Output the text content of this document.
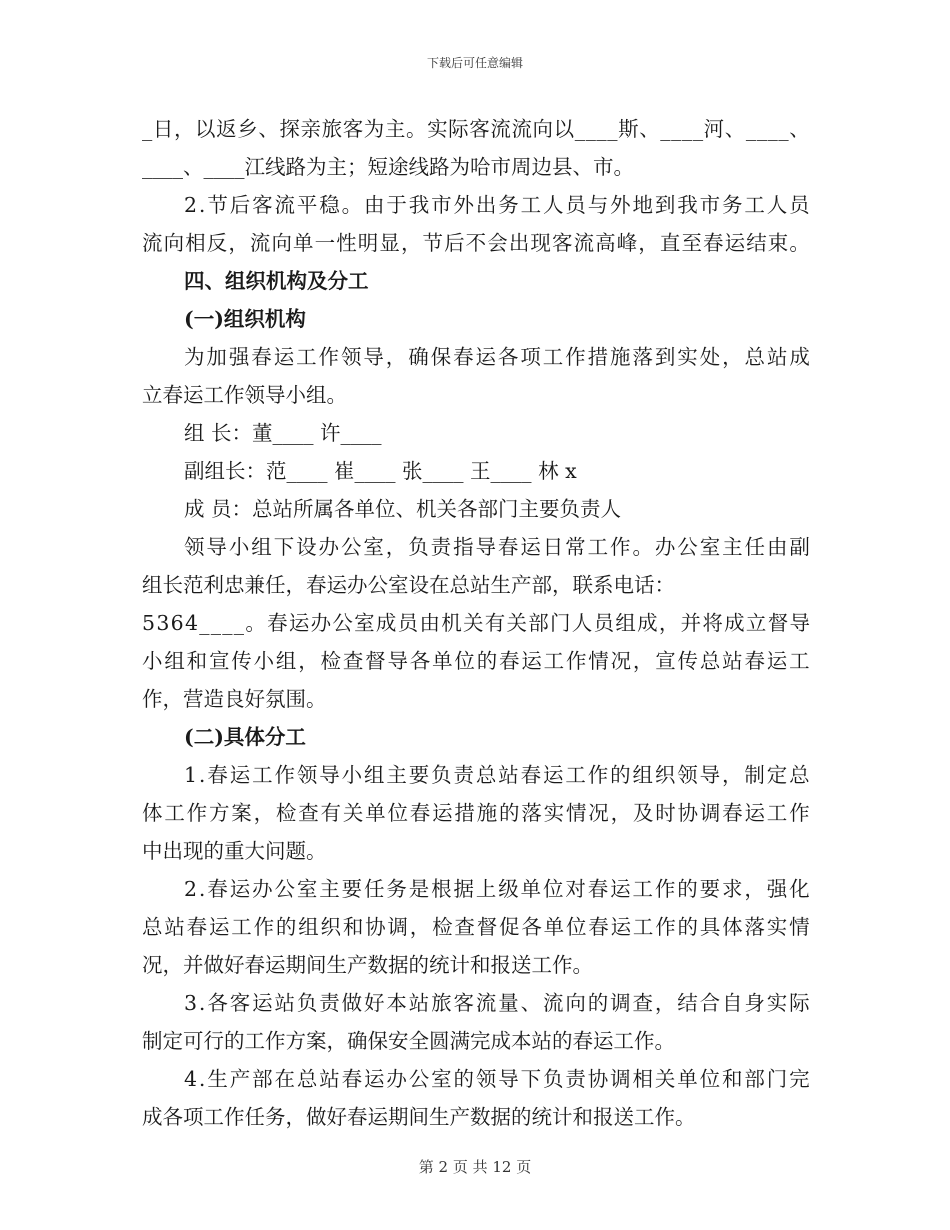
下载后可任意编辑
_ 日 ， 以 返 乡 、 探 亲 旅 客 为 主 。 实 际 客 流 流 向 以 _ _ _ _ 斯 、 _ _ _ _ 河 、 _ _ _ _ 、
____、____江线路为主；短途线路为哈市周边县、市。
2 . 节 后 客 流 平 稳 。 由 于 我 市 外 出 务 工 人 员 与 外 地 到 我 市 务 工 人 员
流 向 相 反 ， 流 向 单 一 性 明 显 ， 节 后 不 会 出 现 客 流 高 峰 ， 直 至 春 运 结 束 。
四、组织机构及分工
(一)组织机构
为 加 强 春 运 工 作 领 导 ， 确 保 春 运 各 项 工 作 措 施 落 到 实 处 ， 总 站 成
立春运工作领导小组。
组 长：董____ 许____
副组长：范____ 崔____ 张____ 王____ 林 x
成 员：总站所属各单位、机关各部门主要负责人
领 导 小 组 下 设 办 公 室 ， 负 责 指 导 春 运 日 常 工 作 。 办 公 室 主 任 由 副
组长范利忠兼任，春运办公室设在总站生产部，联系电话：
5 3 6 4 _ _ _ _ 。 春 运 办 公 室 成 员 由 机 关 有 关 部 门 人 员 组 成 ， 并 将 成 立 督 导
小 组 和 宣 传 小 组 ， 检 查 督 导 各 单 位 的 春 运 工 作 情 况 ， 宣 传 总 站 春 运 工
作，营造良好氛围。
(二)具体分工
1 . 春 运 工 作 领 导 小 组 主 要 负 责 总 站 春 运 工 作 的 组 织 领 导 ， 制 定 总
体 工 作 方 案 ， 检 查 有 关 单 位 春 运 措 施 的 落 实 情 况 ， 及 时 协 调 春 运 工 作
中出现的重大问题。
2 . 春 运 办 公 室 主 要 任 务 是 根 据 上 级 单 位 对 春 运 工 作 的 要 求 ， 强 化
总 站 春 运 工 作 的 组 织 和 协 调 ， 检 查 督 促 各 单 位 春 运 工 作 的 具 体 落 实 情
况，并做好春运期间生产数据的统计和报送工作。
3 . 各 客 运 站 负 责 做 好 本 站 旅 客 流 量 、 流 向 的 调 查 ， 结 合 自 身 实 际
制定可行的工作方案，确保安全圆满完成本站的春运工作。
4 . 生 产 部 在 总 站 春 运 办 公 室 的 领 导 下 负 责 协 调 相 关 单 位 和 部 门 完
成各项工作任务，做好春运期间生产数据的统计和报送工作。
第 2 页 共 12 页
